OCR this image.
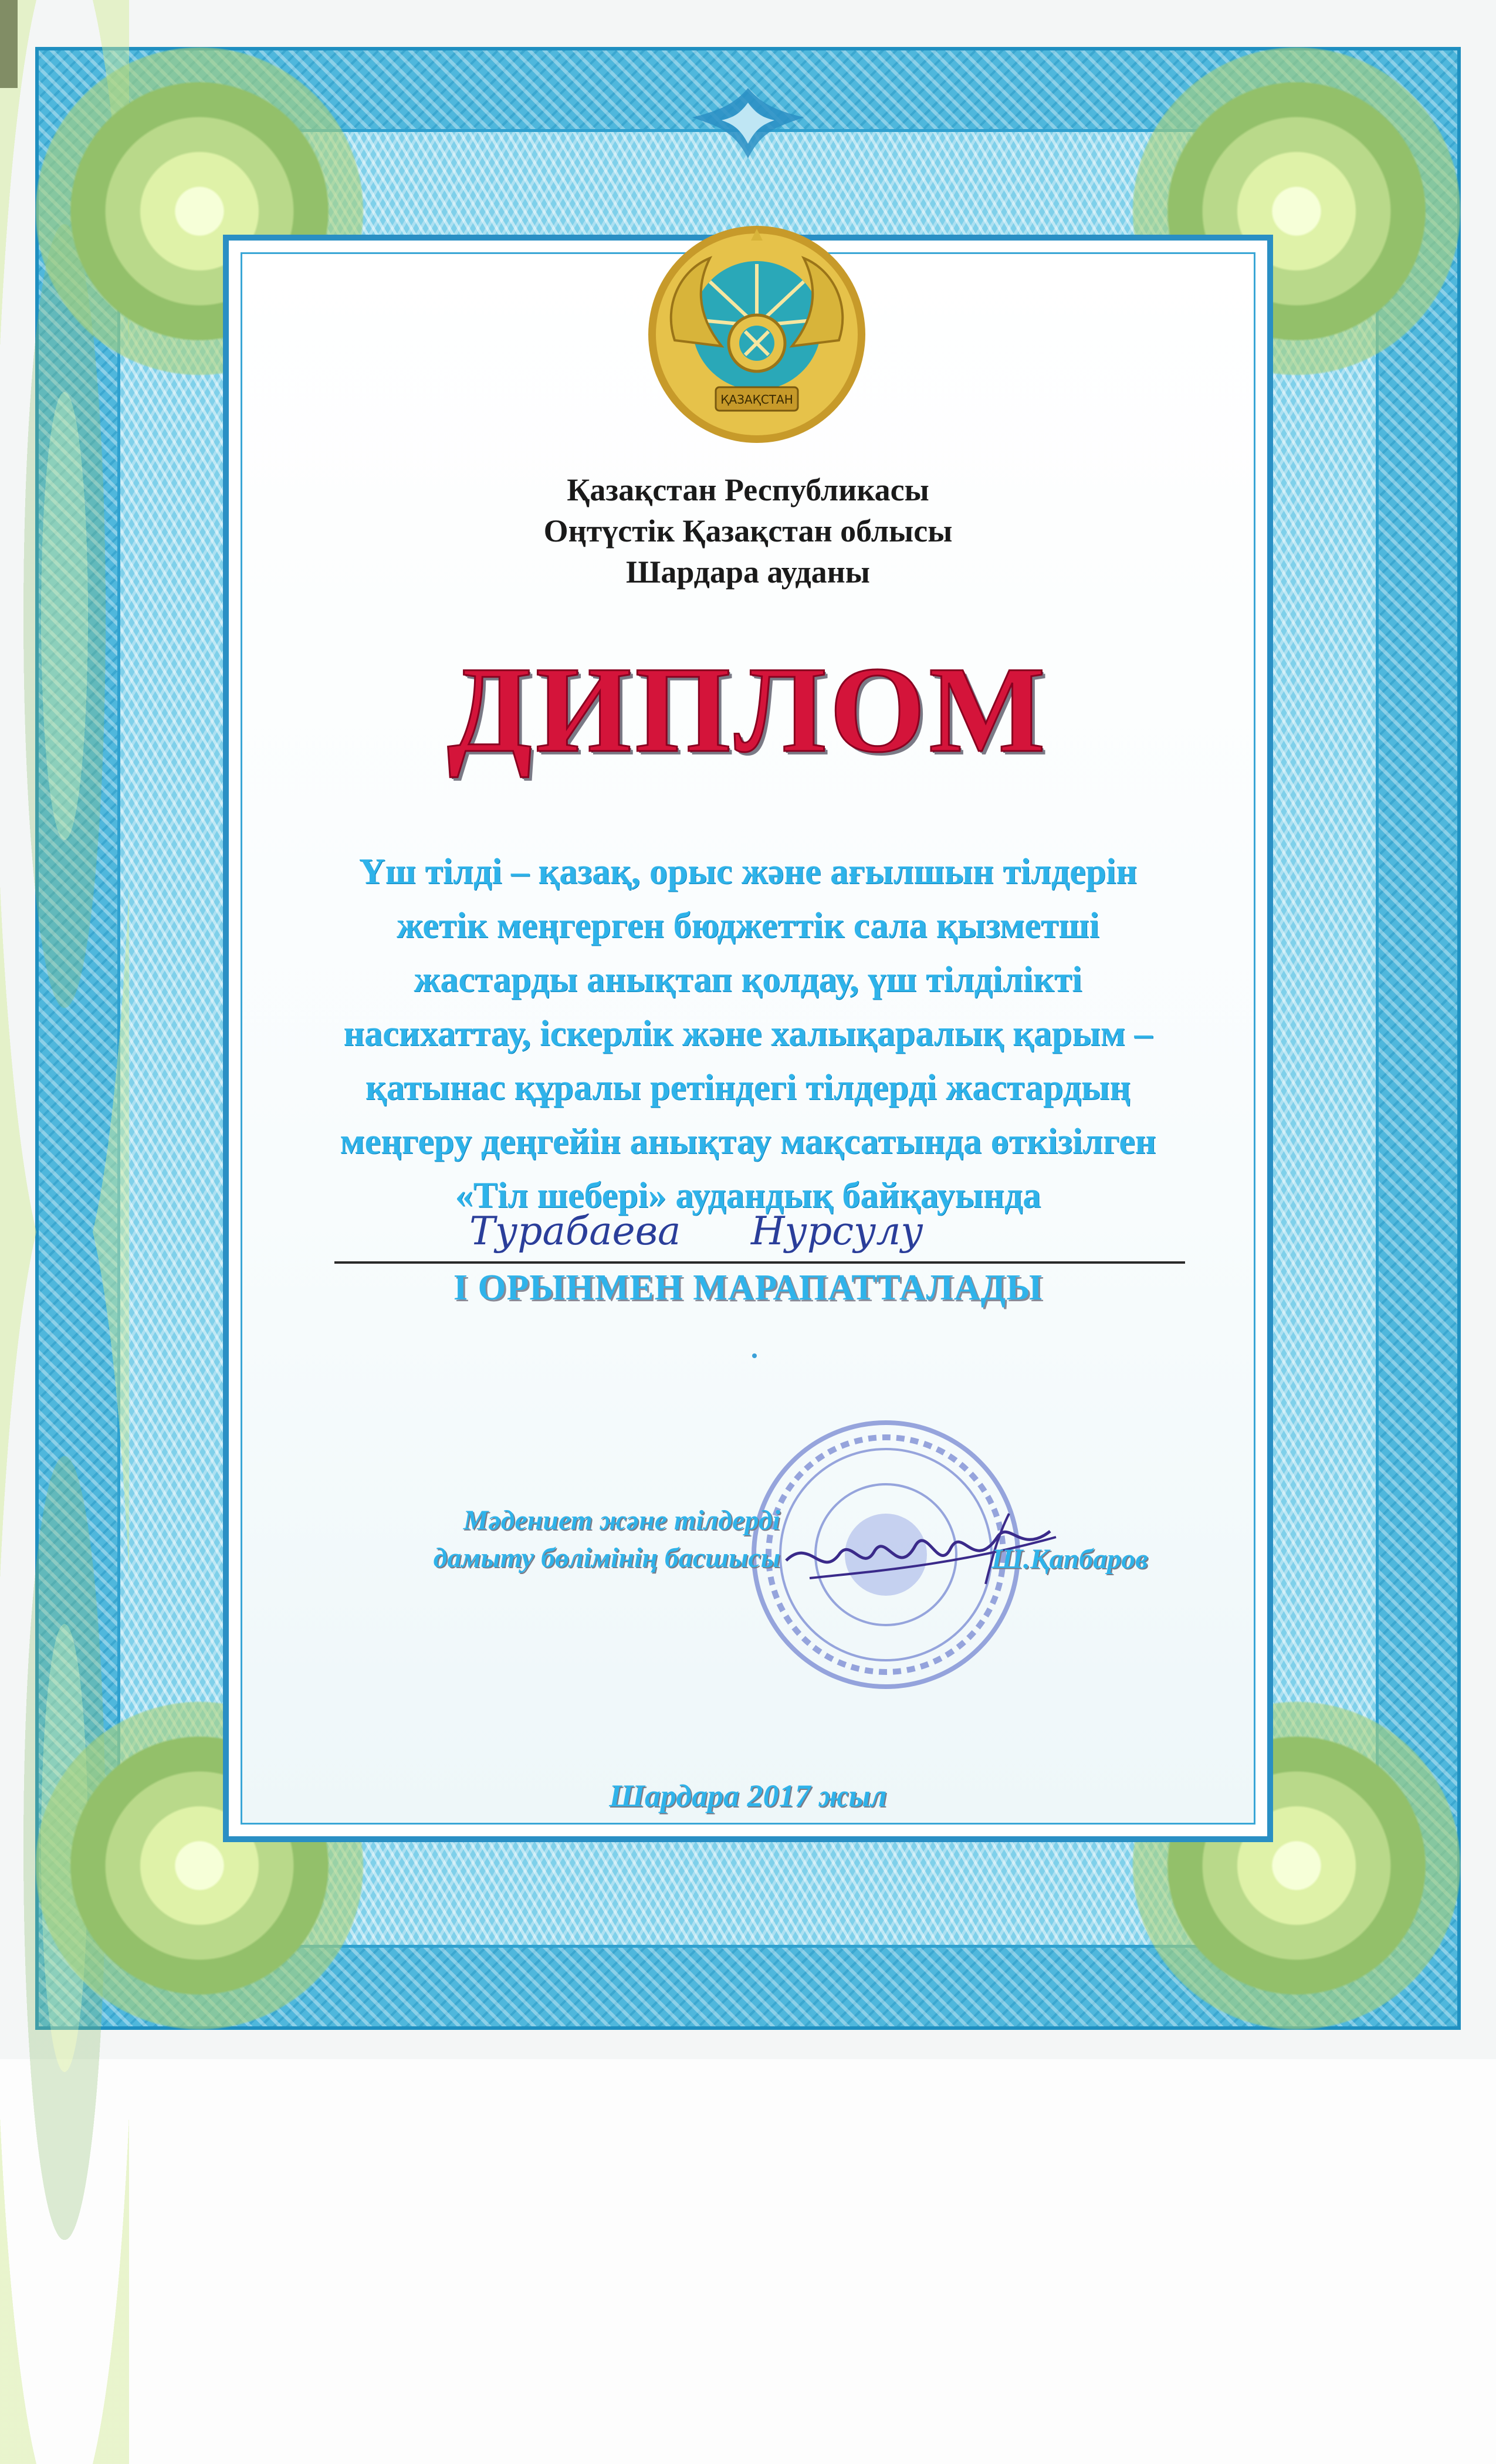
ҚАЗАҚСТАН
Қазақстан Республикасы
Оңтүстік Қазақстан облысы
Шардара ауданы
ДИПЛОМ
Үш тілді – қазақ, орыс және ағылшын тілдерін
жетік меңгерген бюджеттік сала қызметші
жастарды анықтап қолдау, үш тілділікті
насихаттау, іскерлік және халықаралық қарым –
қатынас құралы ретіндегі тілдерді жастардың
меңгеру деңгейін анықтау мақсатында өткізілген
«Тіл шебері» аудандық байқауында
Турабаева Нурсулу
І ОРЫНМЕН МАРАПАТТАЛАДЫ
Мәдениет және тілдерді
дамыту бөлімінің басшысы	Ш.Қапбаров
Шардара 2017 жыл
